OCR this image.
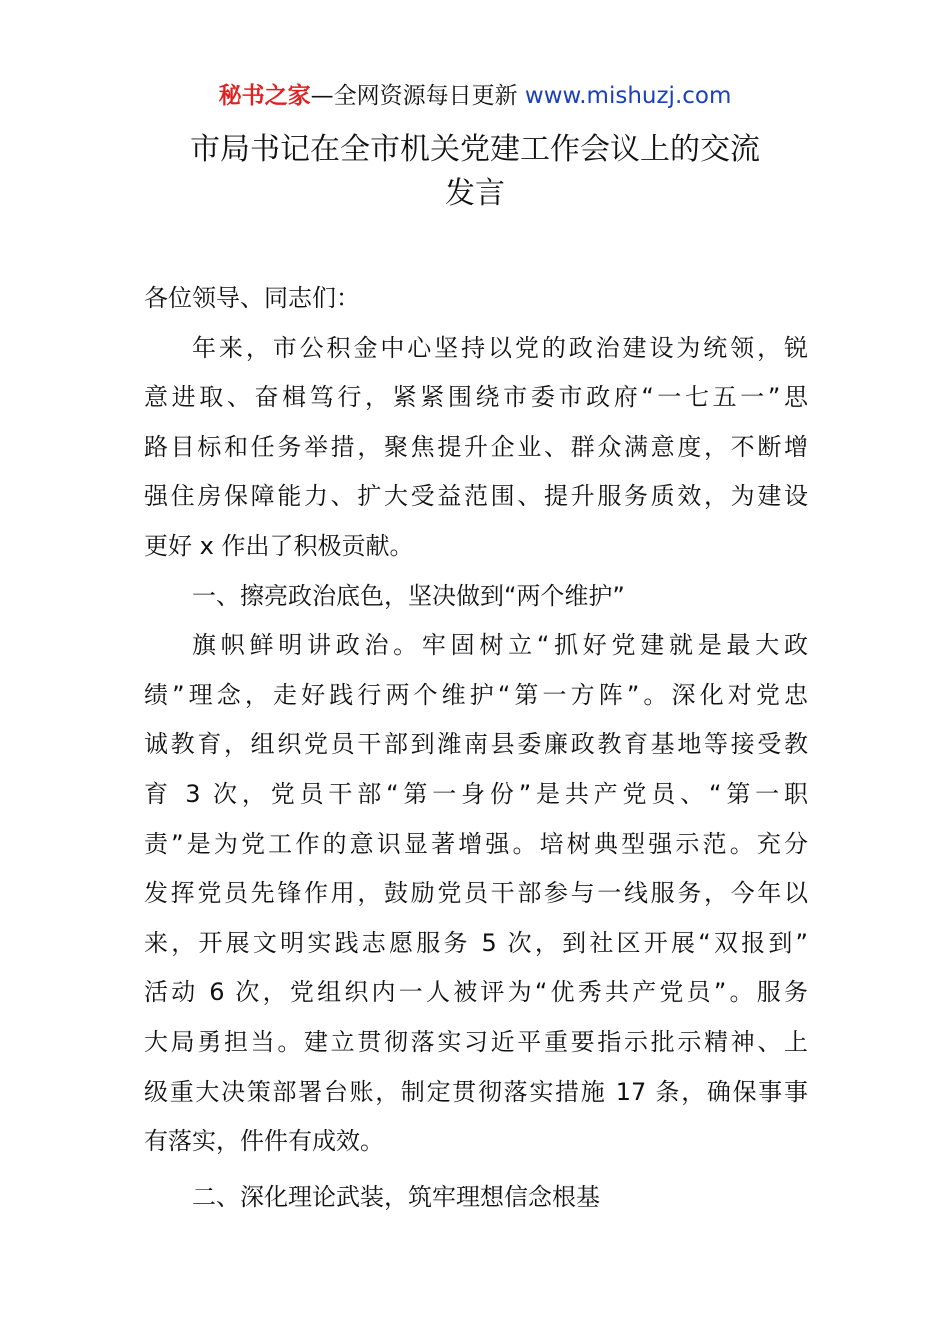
秘书之家—全网资源每日更新 www.mishuzj.com
市局书记在全市机关党建工作会议上的交流
发言
各位领导、同志们：
年来，市公积金中心坚持以党的政治建设为统领，锐
意进取、奋楫笃行，紧紧围绕市委市政府“一七五一”思
路目标和任务举措，聚焦提升企业、群众满意度，不断增
强住房保障能力、扩大受益范围、提升服务质效，为建设
更好 x 作出了积极贡献。
一、擦亮政治底色，坚决做到“两个维护”
旗帜鲜明讲政治。牢固树立“抓好党建就是最大政
绩”理念，走好践行两个维护“第一方阵”。深化对党忠
诚教育，组织党员干部到潍南县委廉政教育基地等接受教
育 3 次，党员干部“第一身份”是共产党员、“第一职
责”是为党工作的意识显著增强。培树典型强示范。充分
发挥党员先锋作用，鼓励党员干部参与一线服务，今年以
来，开展文明实践志愿服务 5 次，到社区开展“双报到”
活动 6 次，党组织内一人被评为“优秀共产党员”。服务
大局勇担当。建立贯彻落实习近平重要指示批示精神、上
级重大决策部署台账，制定贯彻落实措施 17 条，确保事事
有落实，件件有成效。
二、深化理论武装，筑牢理想信念根基
